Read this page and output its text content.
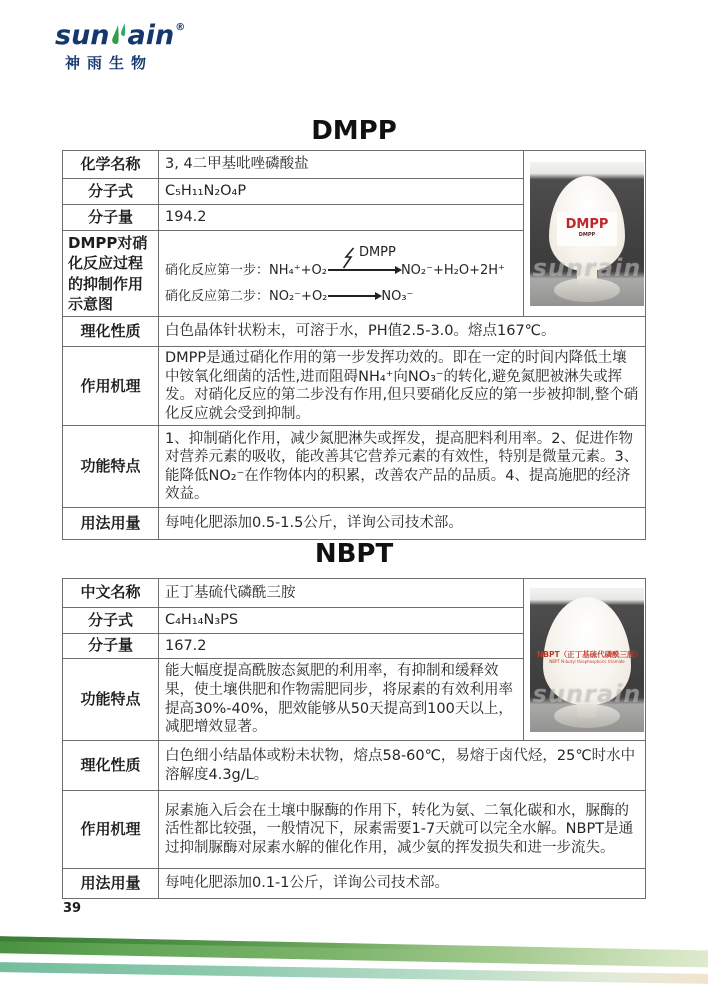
sun ain®
神雨生物
DMPP
化学名称	3, 4二甲基吡唑磷酸盐	DMPP
DMPP
sunrain

分子式	C₅H₁₁N₂O₄P	
分子量	194.2	
DMPP对硝化反应过程的抑制作用示意图	硝化反应第一步：NH₄⁺+O₂
DMPP
NO₂⁻+H₂O+2H⁺
硝化反应第二步：NO₂⁻+O₂→NO₃⁻	

理化性质	白色晶体针状粉末，可溶于水，PH值2.5-3.0。熔点167℃。	
作用机理	DMPP是通过硝化作用的第一步发挥功效的。即在一定的时间内降低土壤中铵氧化细菌的活性,进而阻碍NH₄⁺向NO₃⁻的转化,避免氮肥被淋失或挥发。对硝化反应的第二步没有作用,但只要硝化反应的第一步被抑制,整个硝化反应就会受到抑制。	
功能特点	1、抑制硝化作用，减少氮肥淋失或挥发，提高肥料利用率。2、促进作物对营养元素的吸收，能改善其它营养元素的有效性，特别是微量元素。3、能降低NO₂⁻在作物体内的积累，改善农产品的品质。4、提高施肥的经济效益。	
用法用量	每吨化肥添加0.5-1.5公斤，详询公司技术部。	
NBPT
中文名称	正丁基硫代磷酰三胺	NBPT（正丁基硫代磷酰三胺）
NBPT N-butyl thiophosphoric triamide
sunrain

分子式	C₄H₁₄N₃PS	
分子量	167.2	
功能特点	能大幅度提高酰胺态氮肥的利用率，有抑制和缓释效果，使土壤供肥和作物需肥同步，将尿素的有效利用率提高30%-40%，肥效能够从50天提高到100天以上，减肥增效显著。	
理化性质	白色细小结晶体或粉未状物，熔点58-60℃，易熔于卤代烃，25℃时水中溶解度4.3g/L。	
作用机理	尿素施入后会在土壤中脲酶的作用下，转化为氨、二氧化碳和水，脲酶的活性都比较强，一般情况下，尿素需要1-7天就可以完全水解。NBPT是通过抑制脲酶对尿素水解的催化作用，减少氨的挥发损失和进一步流失。	
用法用量	每吨化肥添加0.1-1公斤，详询公司技术部。	
39
